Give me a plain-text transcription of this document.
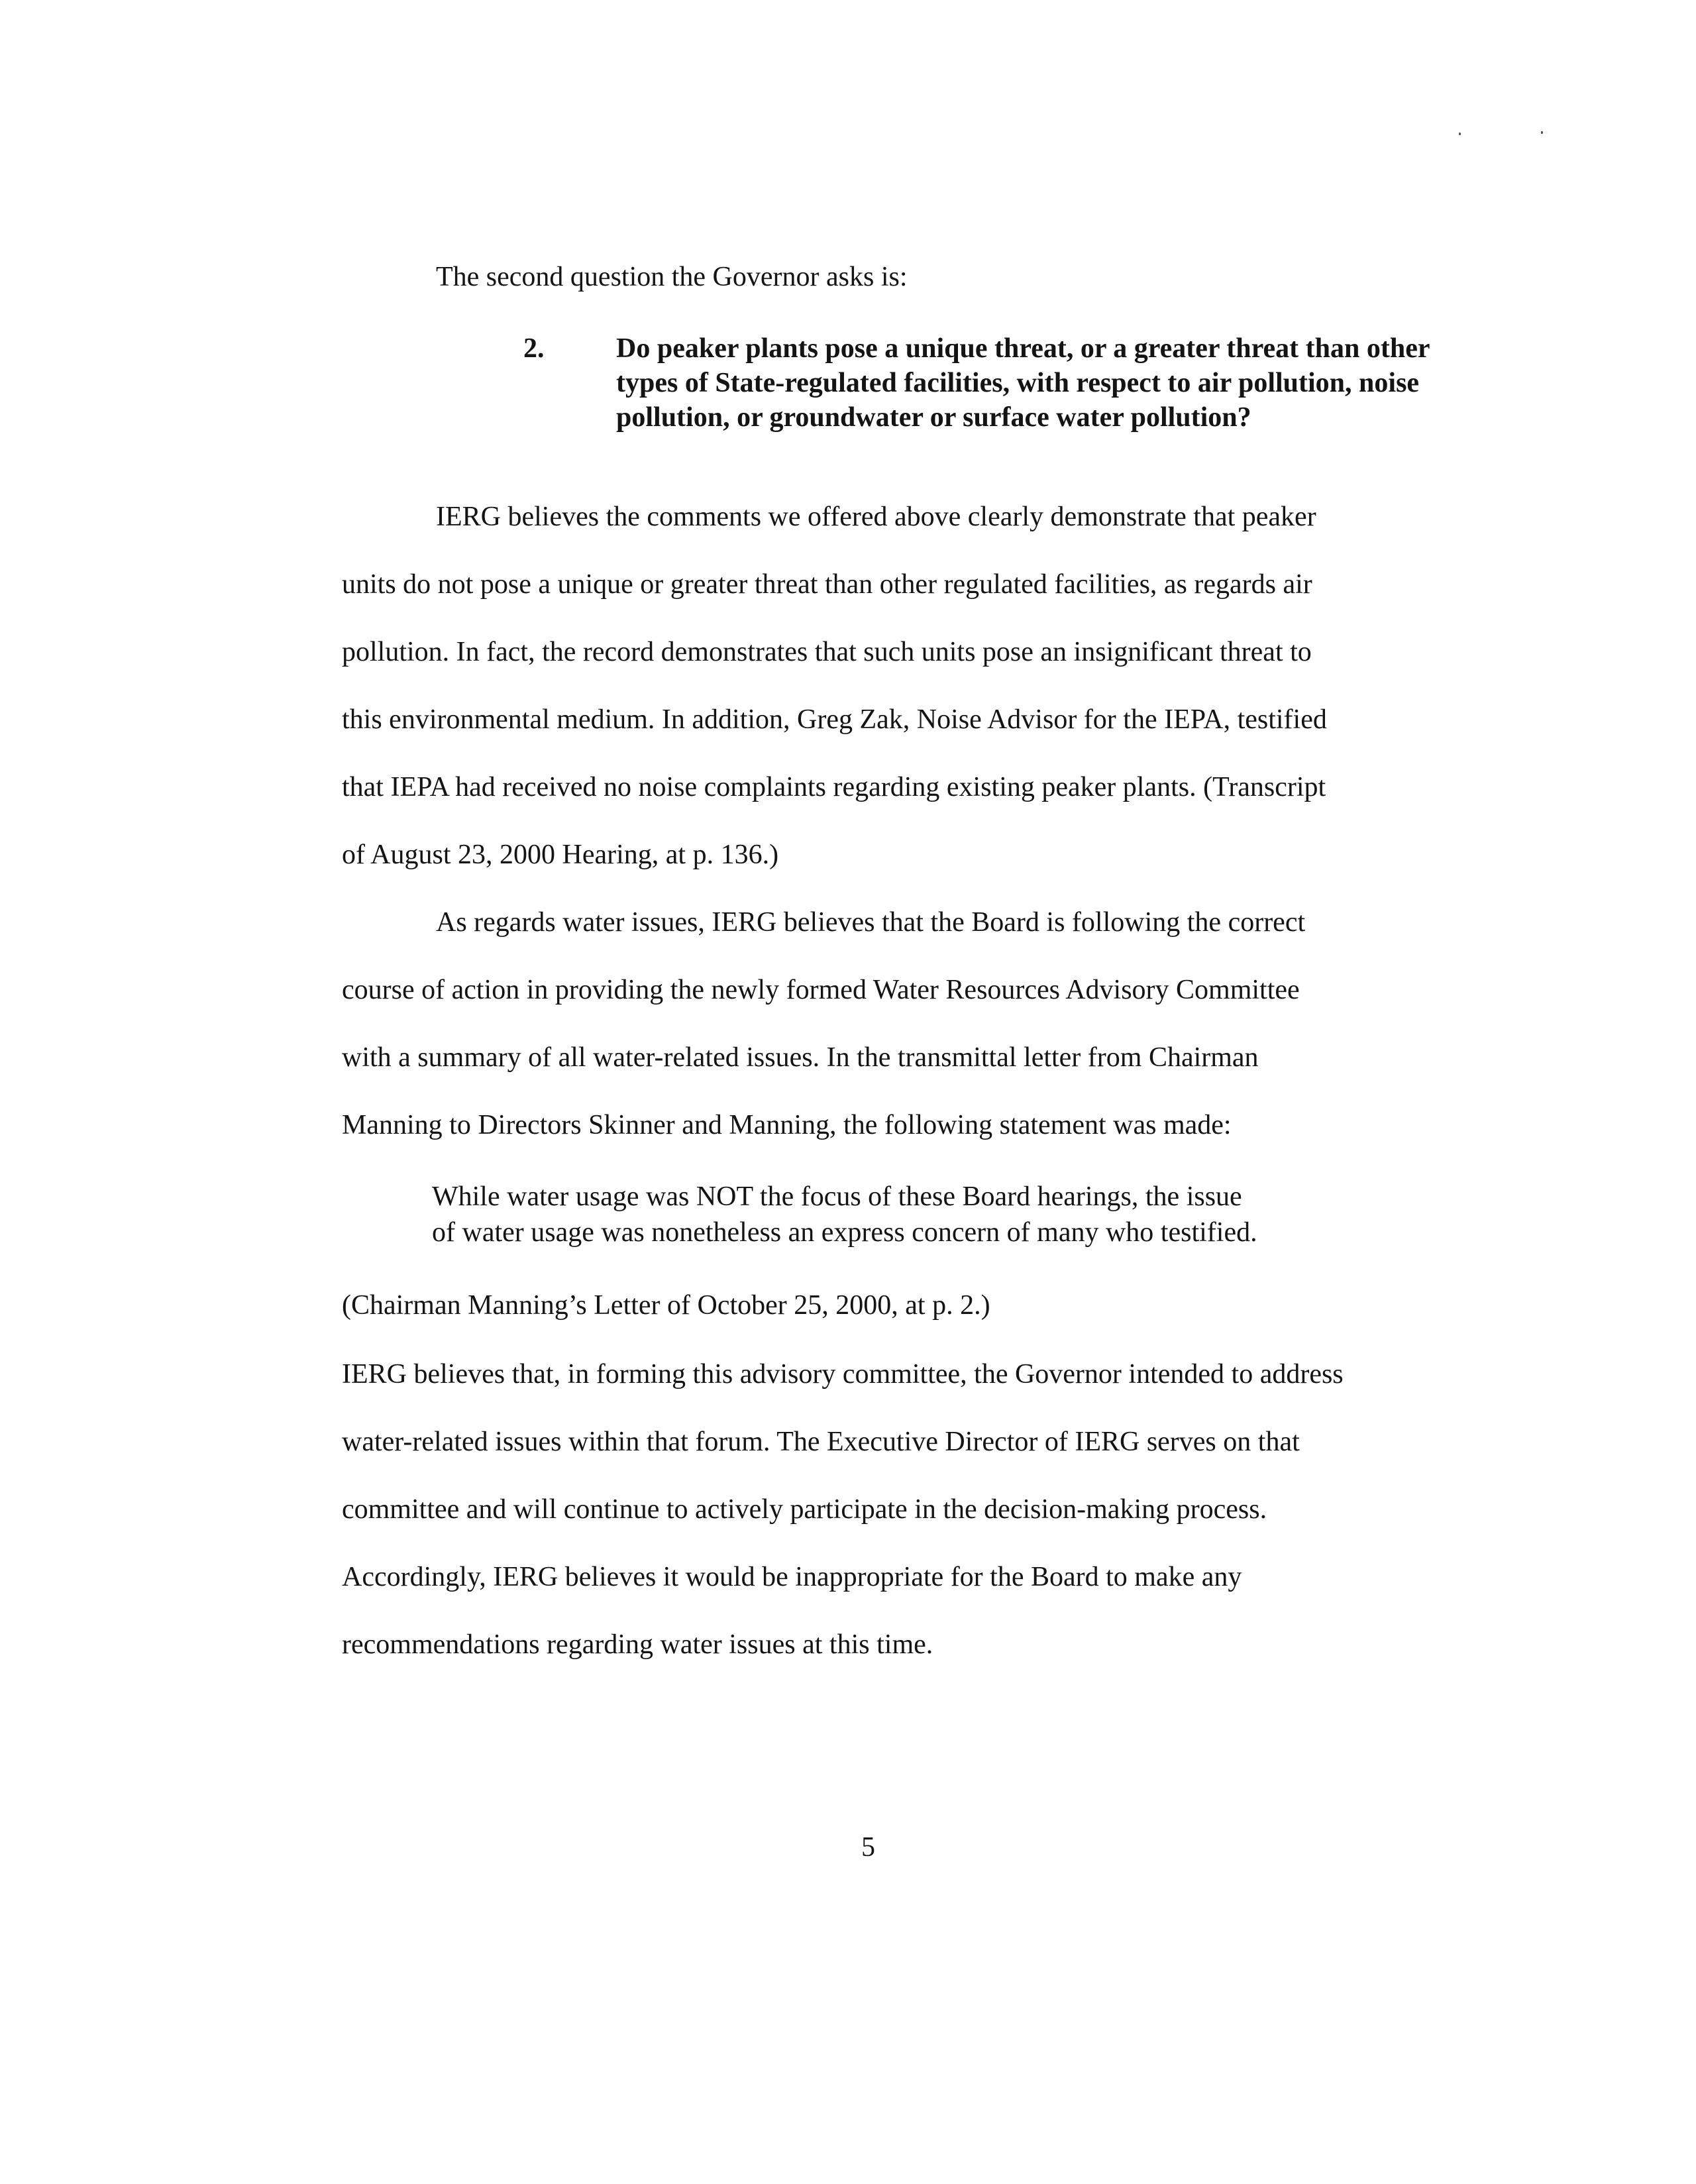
The second question the Governor asks is:
2.	Do peaker plants pose a unique threat, or a greater threat than other types of State-regulated facilities, with respect to air pollution, noise pollution, or groundwater or surface water pollution?
IERG believes the comments we offered above clearly demonstrate that peaker
units do not pose a unique or greater threat than other regulated facilities, as regards air
pollution. In fact, the record demonstrates that such units pose an insignificant threat to
this environmental medium. In addition, Greg Zak, Noise Advisor for the IEPA, testified
that IEPA had received no noise complaints regarding existing peaker plants. (Transcript
of August 23, 2000 Hearing, at p. 136.)
As regards water issues, IERG believes that the Board is following the correct
course of action in providing the newly formed Water Resources Advisory Committee
with a summary of all water-related issues. In the transmittal letter from Chairman
Manning to Directors Skinner and Manning, the following statement was made:
While water usage was NOT the focus of these Board hearings, the issue
of water usage was nonetheless an express concern of many who testified.
(Chairman Manning’s Letter of October 25, 2000, at p. 2.)
IERG believes that, in forming this advisory committee, the Governor intended to address
water-related issues within that forum. The Executive Director of IERG serves on that
committee and will continue to actively participate in the decision-making process.
Accordingly, IERG believes it would be inappropriate for the Board to make any
recommendations regarding water issues at this time.
5
